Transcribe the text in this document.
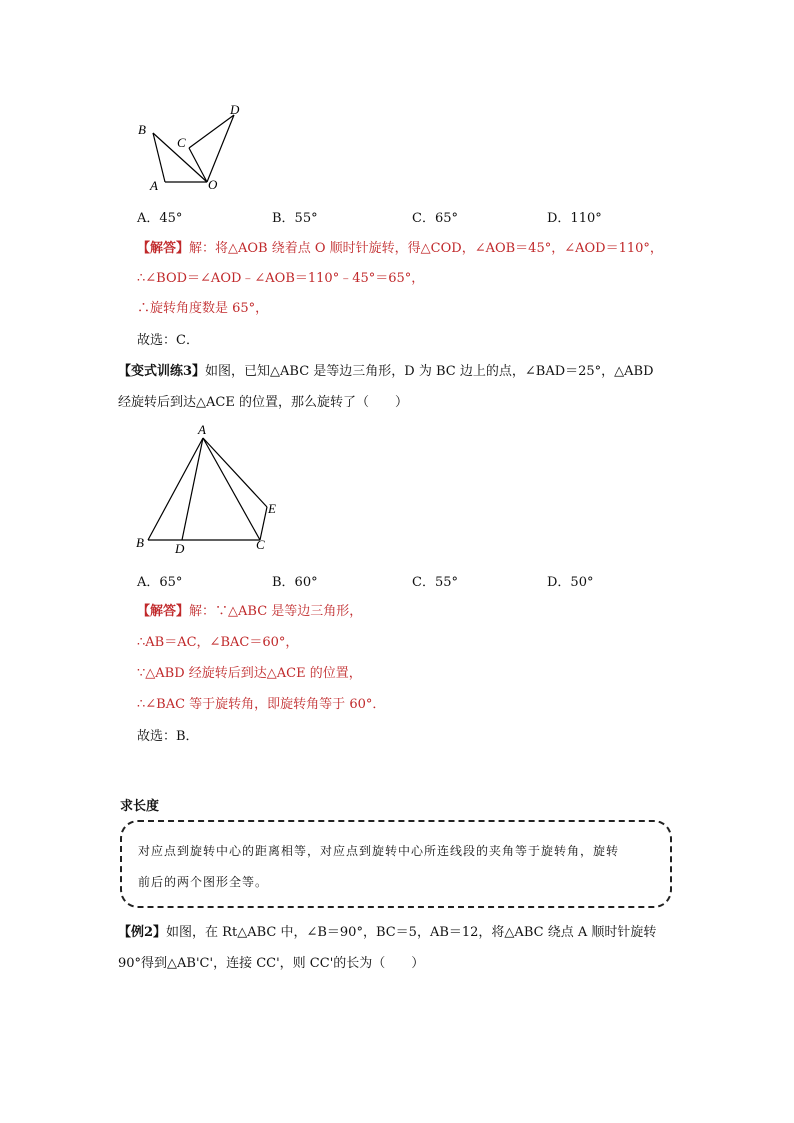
B
C
D
A	O
A．45°	B．55°	C．65°	D．110°
【解答】解：将△AOB 绕着点 O 顺时针旋转，得△COD，∠AOB＝45°，∠AOD＝110°，
∴∠BOD＝∠AOD﹣∠AOB＝110°﹣45°＝65°，
∴旋转角度数是 65°，
故选：C．
【变式训练3】如图，已知△ABC 是等边三角形，D 为 BC 边上的点，∠BAD＝25°，△ABD
经旋转后到达△ACE 的位置，那么旋转了（　　）
A
B D	C
E
A．65°	B．60°	C．55°	D．50°
【解答】解：∵△ABC 是等边三角形，
∴AB＝AC，∠BAC＝60°，
∵△ABD 经旋转后到达△ACE 的位置，
∴∠BAC 等于旋转角，即旋转角等于 60°．
故选：B．
求长度
对应点到旋转中心的距离相等，对应点到旋转中心所连线段的夹角等于旋转角，旋转
前后的两个图形全等。
【例2】如图，在 Rt△ABC 中，∠B＝90°，BC＝5，AB＝12，将△ABC 绕点 A 顺时针旋转
90°得到△AB'C'，连接 CC'，则 CC'的长为（　　）
